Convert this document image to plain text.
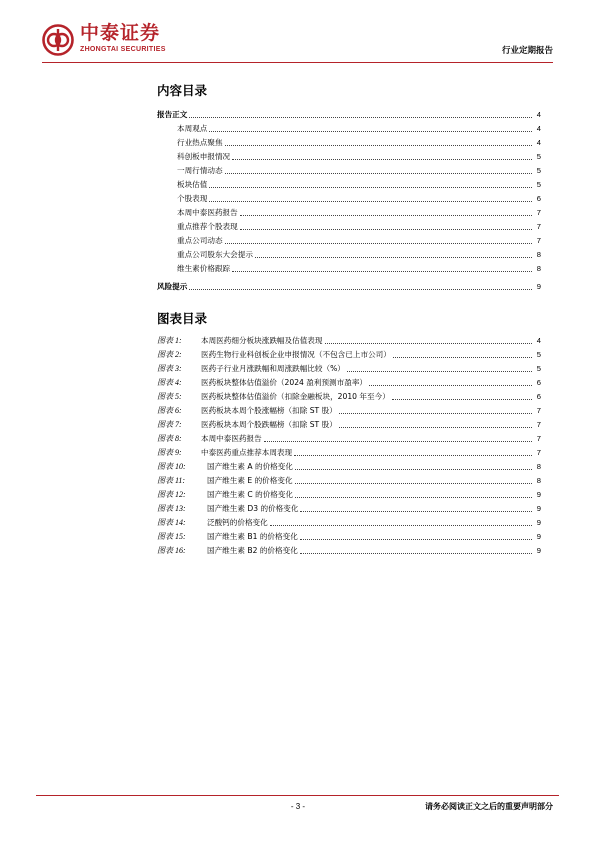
中泰证券
ZHONGTAI SECURITIES	行业定期报告
内容目录
报告正文	4
本周观点	4
行业热点聚焦	4
科创板申报情况	5
一周行情动态	5
板块估值	5
个股表现	6
本周中泰医药报告	7
重点推荐个股表现	7
重点公司动态	7
重点公司股东大会提示	8
维生素价格跟踪	8
风险提示	9
图表目录
图表 1:	本周医药细分板块涨跌幅及估值表现	4
图表 2:	医药生物行业科创板企业申报情况（不包含已上市公司）	5
图表 3:	医药子行业月涨跌幅和周涨跌幅比较（%）	5
图表 4:	医药板块整体估值溢价（2024 盈利预测市盈率）	6
图表 5:	医药板块整体估值溢价（扣除金融板块，2010 年至今）	6
图表 6:	医药板块本周个股涨幅榜（扣除 ST 股）	7
图表 7:	医药板块本周个股跌幅榜（扣除 ST 股）	7
图表 8:	本周中泰医药报告	7
图表 9:	中泰医药重点推荐本周表现	7
图表 10:	国产维生素 A 的价格变化	8
图表 11:	国产维生素 E 的价格变化	8
图表 12:	国产维生素 C 的价格变化	9
图表 13:	国产维生素 D3 的价格变化	9
图表 14:	泛酸钙的价格变化	9
图表 15:	国产维生素 B1 的价格变化	9
图表 16:	国产维生素 B2 的价格变化	9
- 3 -	请务必阅读正文之后的重要声明部分
